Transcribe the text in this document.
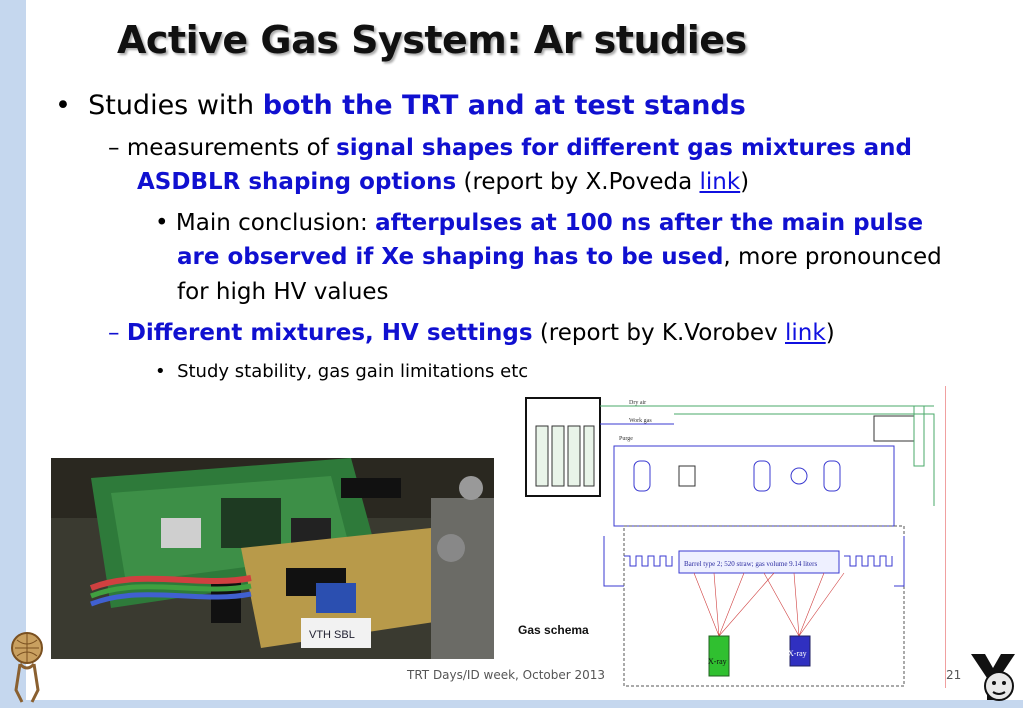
Active Gas System: Ar studies
•  Studies with both the TRT and at test stands
– measurements of signal shapes for different gas mixtures and
ASDBLR shaping options (report by X.Poveda link)
• Main conclusion: afterpulses at 100 ns after the main pulse
are observed if Xe shaping has to be used, more pronounced
for high HV values
– Different mixtures, HV settings (report by K.Vorobev link)
•  Study stability, gas gain limitations etc
VTH SBL
Dry air
Work gas
Purge
Barrel type 2; 520 straw; gas volume 9.14 liters
X-ray
X-ray
Gas schema
TRT Days/ID week, October 2013	21
